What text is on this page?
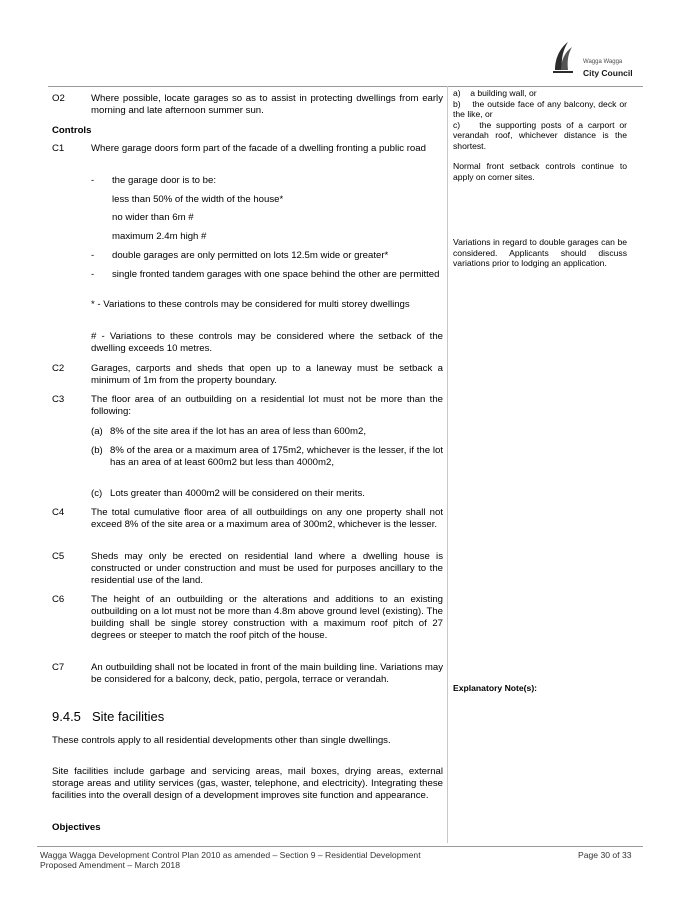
Wagga Wagga
City Council
O2	Where possible, locate garages so as to assist in protecting dwellings from early morning and late afternoon summer sun.
Controls
C1	Where garage doors form part of the facade of a dwelling fronting a public road
-	the garage door is to be:
less than 50% of the width of the house*
no wider than 6m #
maximum 2.4m high #
-	double garages are only permitted on lots 12.5m wide or greater*
-	single fronted tandem garages with one space behind the other are permitted
* - Variations to these controls may be considered for multi storey dwellings
# - Variations to these controls may be considered where the setback of the dwelling exceeds 10 metres.
C2	Garages, carports and sheds that open up to a laneway must be setback a minimum of 1m from the property boundary.
C3	The floor area of an outbuilding on a residential lot must not be more than the following:
(a) 8% of the site area if the lot has an area of less than 600m2,
(b) 8% of the area or a maximum area of 175m2, whichever is the lesser, if the lot has an area of at least 600m2 but less than 4000m2,
(c) Lots greater than 4000m2 will be considered on their merits.
C4	The total cumulative floor area of all outbuildings on any one property shall not exceed 8% of the site area or a maximum area of 300m2, whichever is the lesser.
C5	Sheds may only be erected on residential land where a dwelling house is constructed or under construction and must be used for purposes ancillary to the residential use of the land.
C6	The height of an outbuilding or the alterations and additions to an existing outbuilding on a lot must not be more than 4.8m above ground level (existing). The building shall be single storey construction with a maximum roof pitch of 27 degrees or steeper to match the roof pitch of the house.
C7	An outbuilding shall not be located in front of the main building line. Variations may be considered for a balcony, deck, patio, pergola, terrace or verandah.
9.4.5 Site facilities
These controls apply to all residential developments other than single dwellings.
Site facilities include garbage and servicing areas, mail boxes, drying areas, external storage areas and utility services (gas, waster, telephone, and electricity). Integrating these facilities into the overall design of a development improves site function and appearance.
Objectives

a)    a building wall, or

b)    the outside face of any balcony, deck or the like, or

c)    the supporting posts of a carport or verandah roof, whichever distance is the shortest.

Normal front setback controls continue to apply on corner sites.

Variations in regard to double garages can be considered. Applicants should discuss variations prior to lodging an application.

Explanatory Note(s):

Wagga Wagga Development Control Plan 2010 as amended – Section 9 – Residential Development
Proposed Amendment – March 2018
Page 30 of 33
